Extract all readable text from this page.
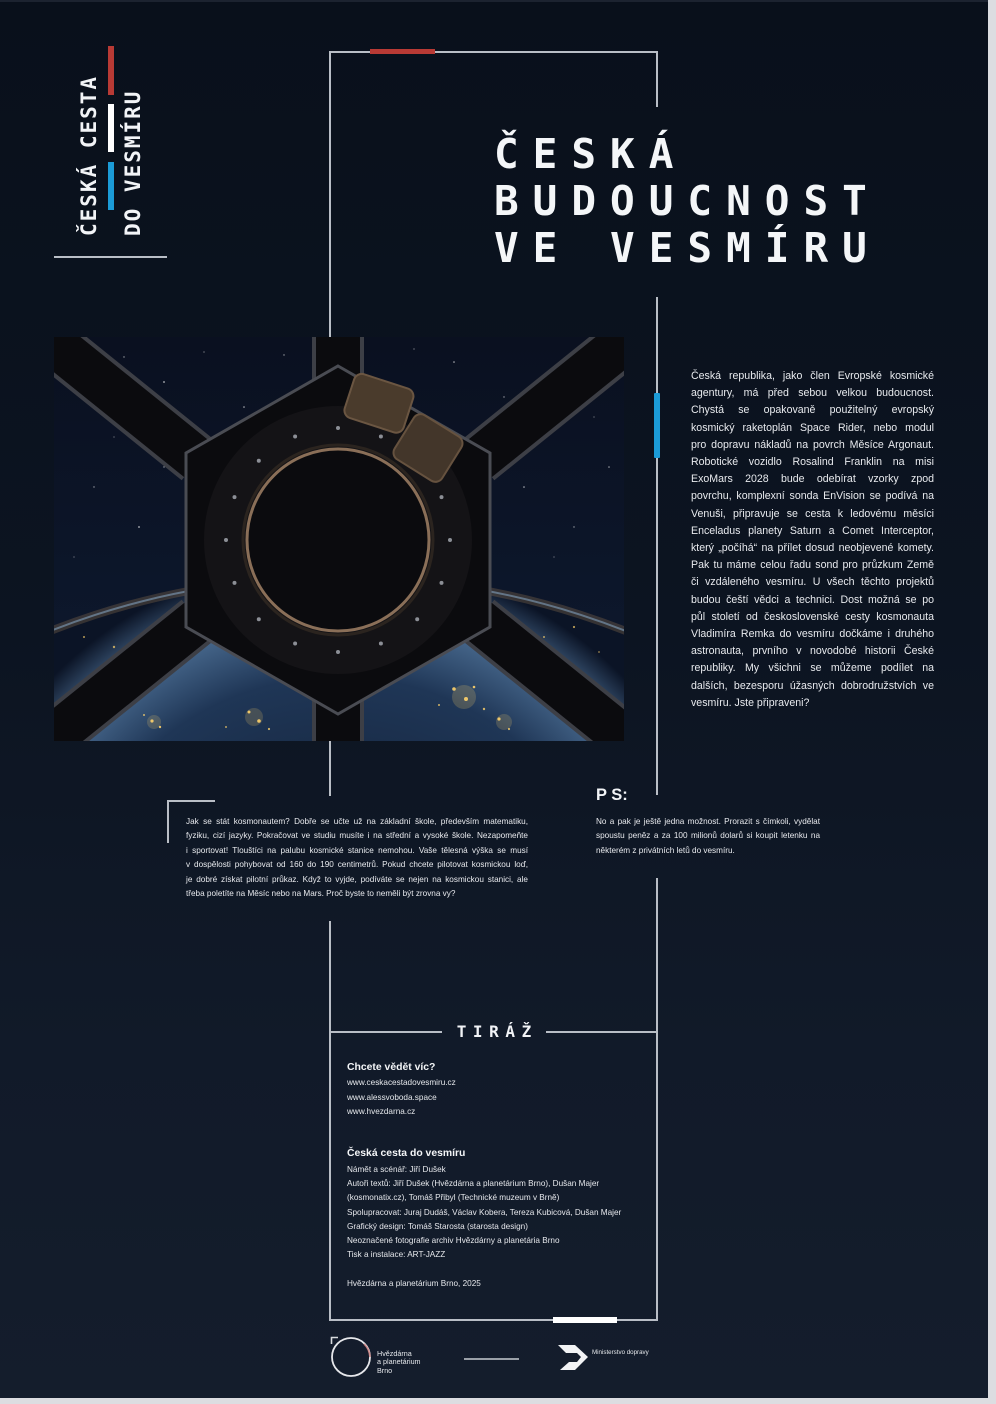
ČESKÁ CESTA DO VESMÍRU	ČESKÁ
BUDOUCNOST
VE VESMÍRU
Česká republika, jako člen Evropské kosmické
agentury, má před sebou velkou budoucnost.
Chystá se opakovaně použitelný evropský
kosmický raketoplán Space Rider, nebo modul
pro dopravu nákladů na povrch Měsíce Argonaut.
Robotické vozidlo Rosalind Franklin na misi
ExoMars 2028 bude odebírat vzorky zpod
povrchu, komplexní sonda EnVision se podívá na
Venuši, připravuje se cesta k ledovému měsíci
Enceladus planety Saturn a Comet Interceptor,
který „počíhá“ na přílet dosud neobjevené komety.
Pak tu máme celou řadu sond pro průzkum Země
či vzdáleného vesmíru. U všech těchto projektů
budou čeští vědci a technici. Dost možná se po
půl století od československé cesty kosmonauta
Vladimíra Remka do vesmíru dočkáme i druhého
astronauta, prvního v novodobé historii České
republiky. My všichni se můžeme podílet na
dalších, bezesporu úžasných dobrodružstvích ve
vesmíru. Jste připraveni?
Jak se stát kosmonautem? Dobře se učte už na základní škole, především matematiku,
fyziku, cizí jazyky. Pokračovat ve studiu musíte i na střední a vysoké škole. Nezapomeňte
i sportovat! Tlouštíci na palubu kosmické stanice nemohou. Vaše tělesná výška se musí
v dospělosti pohybovat od 160 do 190 centimetrů. Pokud chcete pilotovat kosmickou loď,
je dobré získat pilotní průkaz. Když to vyjde, podíváte se nejen na kosmickou stanici, ale
třeba poletíte na Měsíc nebo na Mars. Proč byste to neměli být zrovna vy?
P S:
No a pak je ještě jedna možnost. Prorazit s čímkoli, vydělat
spoustu peněz a za 100 milionů dolarů si koupit letenku na
některém z privátních letů do vesmíru.
TIRÁŽ
Chcete vědět víc?
www.ceskacestadovesmiru.cz
www.alessvoboda.space
www.hvezdarna.cz
Česká cesta do vesmíru
Námět a scénář: Jiří Dušek
Autoři textů: Jiří Dušek (Hvězdárna a planetárium Brno), Dušan Majer
(kosmonatix.cz), Tomáš Přibyl (Technické muzeum v Brně)
Spolupracovat: Juraj Dudáš, Václav Kobera, Tereza Kubicová, Dušan Majer
Grafický design: Tomáš Starosta (starosta design)
Neoznačené fotografie archiv Hvězdárny a planetária Brno
Tisk a instalace: ART-JAZZ
Hvězdárna a planetárium Brno, 2025
Hvězdárna
a planetárium
Brno
Ministerstvo dopravy
